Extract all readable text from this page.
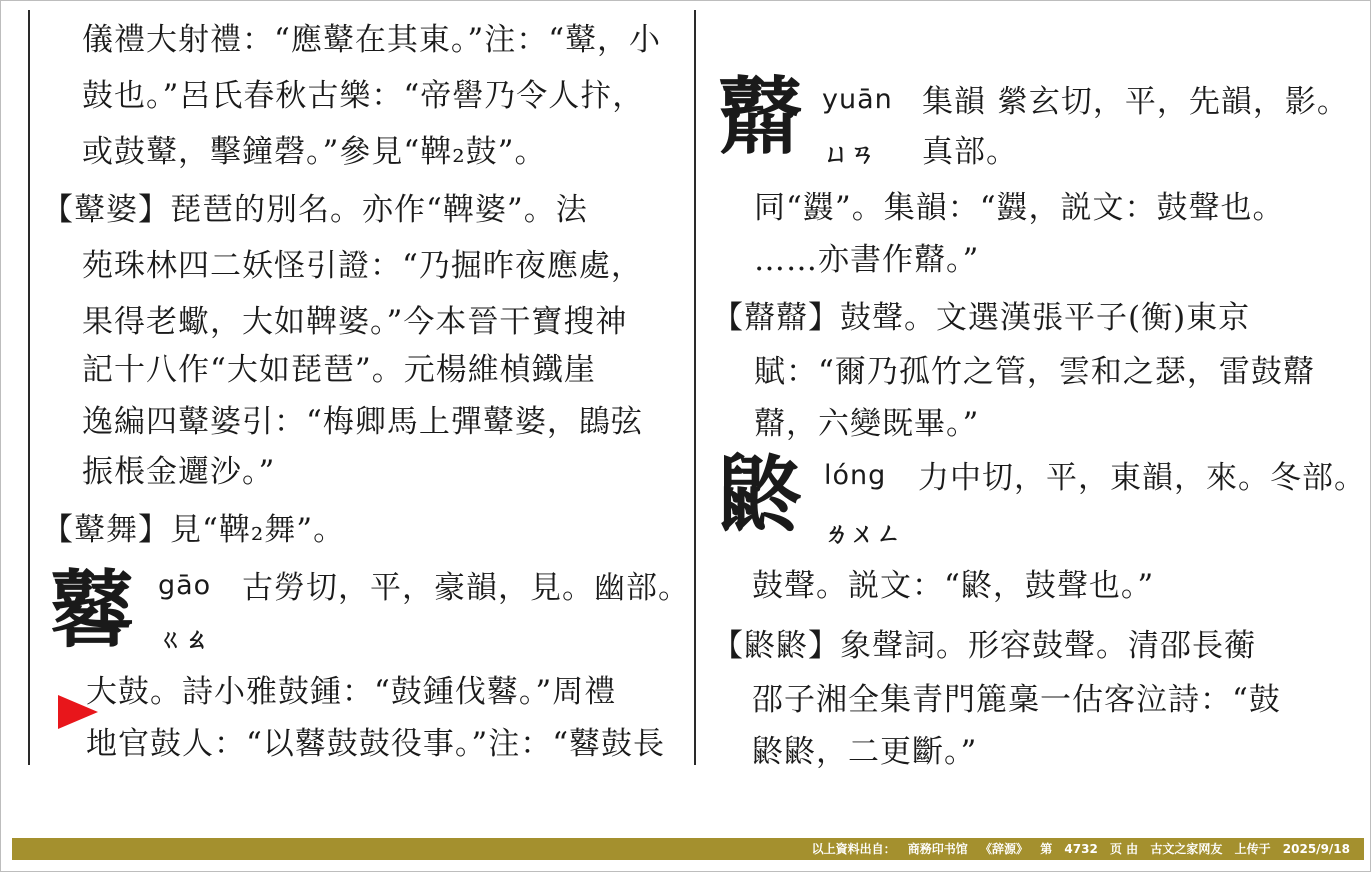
儀禮大射禮：“應鼙在其東。”注：“鼙，小
鼓也。”呂氏春秋古樂：“帝嚳乃令人抃，
或鼓鼙，擊鐘磬。”參見“鞞₂鼓”。
【鼙婆】琵琶的別名。亦作“鞞婆”。法
苑珠林四二妖怪引證：“乃掘昨夜應處，
果得老蠍，大如鞞婆。”今本晉干寶搜神
記十八作“大如琵琶”。元楊維楨鐵崖
逸編四鼙婆引：“梅卿馬上彈鼙婆，鵾弦
振棖金邐沙。”
【鼙舞】見“鞞₂舞”。
鼛 gāo 古勞切，平，豪韻，見。幽部。
ㄍㄠ
大鼓。詩小雅鼓鍾：“鼓鍾伐鼛。”周禮
地官鼓人：“以鼛鼓鼓役事。”注：“鼛鼓長
鼘 yuān 集韻 縈玄切，平，先韻，影。
ㄩㄢ 真部。
同“鼝”。集韻：“鼝，説文：鼓聲也。
……亦書作鼘。”
【鼘鼘】鼓聲。文選漢張平子(衡)東京
賦：“爾乃孤竹之管，雲和之瑟，雷鼓鼘
鼘，六變既畢。”
鼨 lóng 力中切，平，東韻，來。冬部。
ㄌㄨㄥ
鼓聲。説文：“鼨，鼓聲也。”
【鼨鼨】象聲詞。形容鼓聲。清邵長蘅
邵子湘全集青門簏稾一估客泣詩：“鼓
鼨鼨，二更斷。”
以上資料出自： 商務印书馆 《辞源》 第 4732 页 由 古文之家网友 上传于 2025/9/18
